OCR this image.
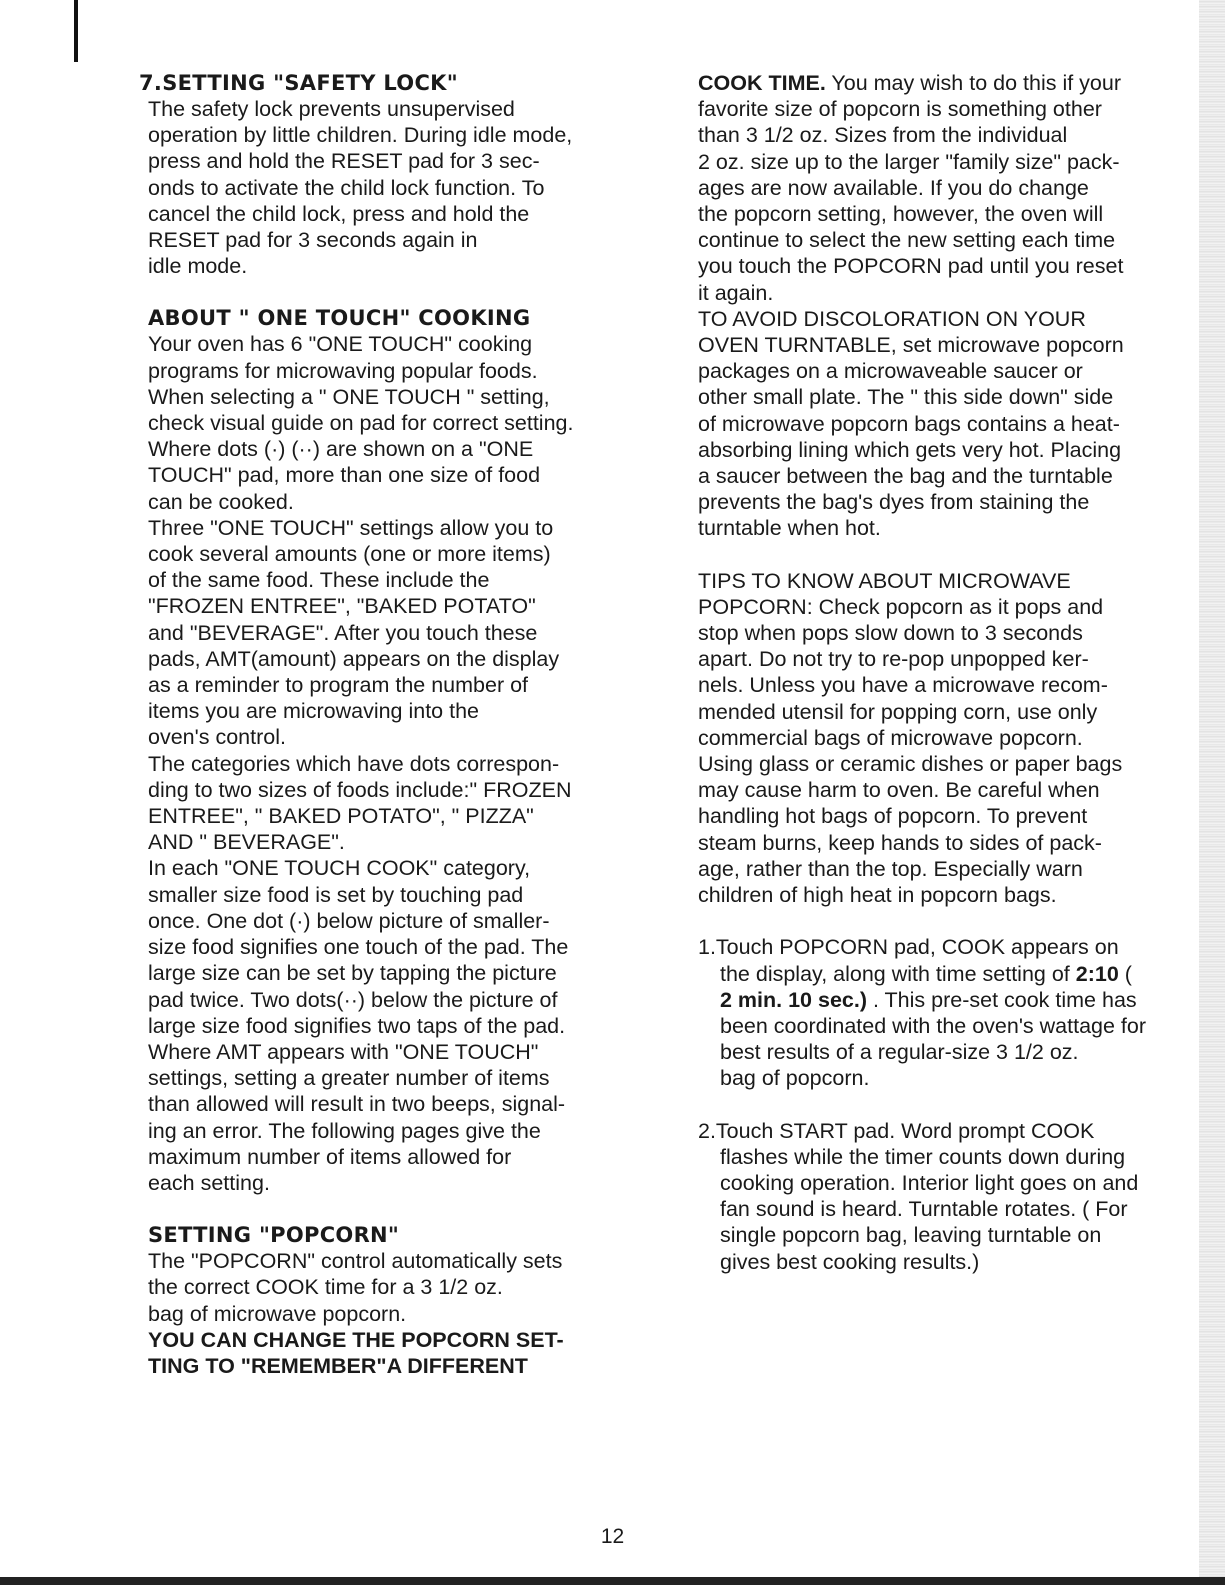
7.SETTING "SAFETY LOCK"

The safety lock prevents unsupervised
operation by little children. During idle mode,
press and hold the RESET pad for 3 sec-
onds to activate the child lock function. To
cancel the child lock, press and hold the
RESET pad for 3 seconds again in
idle mode.

ABOUT " ONE TOUCH" COOKING

Your oven has 6 "ONE TOUCH" cooking
programs for microwaving popular foods.
When selecting a " ONE TOUCH " setting,
check visual guide on pad for correct setting.
Where dots (·) (··) are shown on a "ONE
TOUCH" pad, more than one size of food
can be cooked.
Three "ONE TOUCH" settings allow you to
cook several amounts (one or more items)
of the same food. These include the
"FROZEN ENTREE", "BAKED POTATO"
and "BEVERAGE". After you touch these
pads, AMT(amount) appears on the display
as a reminder to program the number of
items you are microwaving into the
oven's control.
The categories which have dots correspon-
ding to two sizes of foods include:" FROZEN
ENTREE", " BAKED POTATO", " PIZZA"
AND " BEVERAGE".
In each "ONE TOUCH COOK" category,
smaller size food is set by touching pad
once. One dot (·) below picture of smaller-
size food signifies one touch of the pad. The
large size can be set by tapping the picture
pad twice. Two dots(··) below the picture of
large size food signifies two taps of the pad.
Where AMT appears with "ONE TOUCH"
settings, setting a greater number of items
than allowed will result in two beeps, signal-
ing an error. The following pages give the
maximum number of items allowed for
each setting.

SETTING "POPCORN"

The "POPCORN" control automatically sets
the correct COOK time for a 3 1/2 oz.
bag of microwave popcorn.

YOU CAN CHANGE THE POPCORN SET-
TING TO "REMEMBER"A DIFFERENT

COOK TIME. You may wish to do this if your
favorite size of popcorn is something other
than 3 1/2 oz. Sizes from the individual
2 oz. size up to the larger "family size" pack-
ages are now available. If you do change
the popcorn setting, however, the oven will
continue to select the new setting each time
you touch the POPCORN pad until you reset
it again.
TO AVOID DISCOLORATION ON YOUR
OVEN TURNTABLE, set microwave popcorn
packages on a microwaveable saucer or
other small plate. The " this side down" side
of microwave popcorn bags contains a heat-
absorbing lining which gets very hot. Placing
a saucer between the bag and the turntable
prevents the bag's dyes from staining the
turntable when hot.

TIPS TO KNOW ABOUT MICROWAVE
POPCORN: Check popcorn as it pops and
stop when pops slow down to 3 seconds
apart. Do not try to re-pop unpopped ker-
nels. Unless you have a microwave recom-
mended utensil for popping corn, use only
commercial bags of microwave popcorn.
Using glass or ceramic dishes or paper bags
may cause harm to oven. Be careful when
handling hot bags of popcorn. To prevent
steam burns, keep hands to sides of pack-
age, rather than the top. Especially warn
children of high heat in popcorn bags.

1.Touch POPCORN pad, COOK appears on
the display, along with time setting of 2:10 (
2 min. 10 sec.) . This pre-set cook time has
been coordinated with the oven's wattage for
best results of a regular-size 3 1/2 oz.
bag of popcorn.

2.Touch START pad. Word prompt COOK
flashes while the timer counts down during
cooking operation. Interior light goes on and
fan sound is heard. Turntable rotates. ( For
single popcorn bag, leaving turntable on
gives best cooking results.)

12
